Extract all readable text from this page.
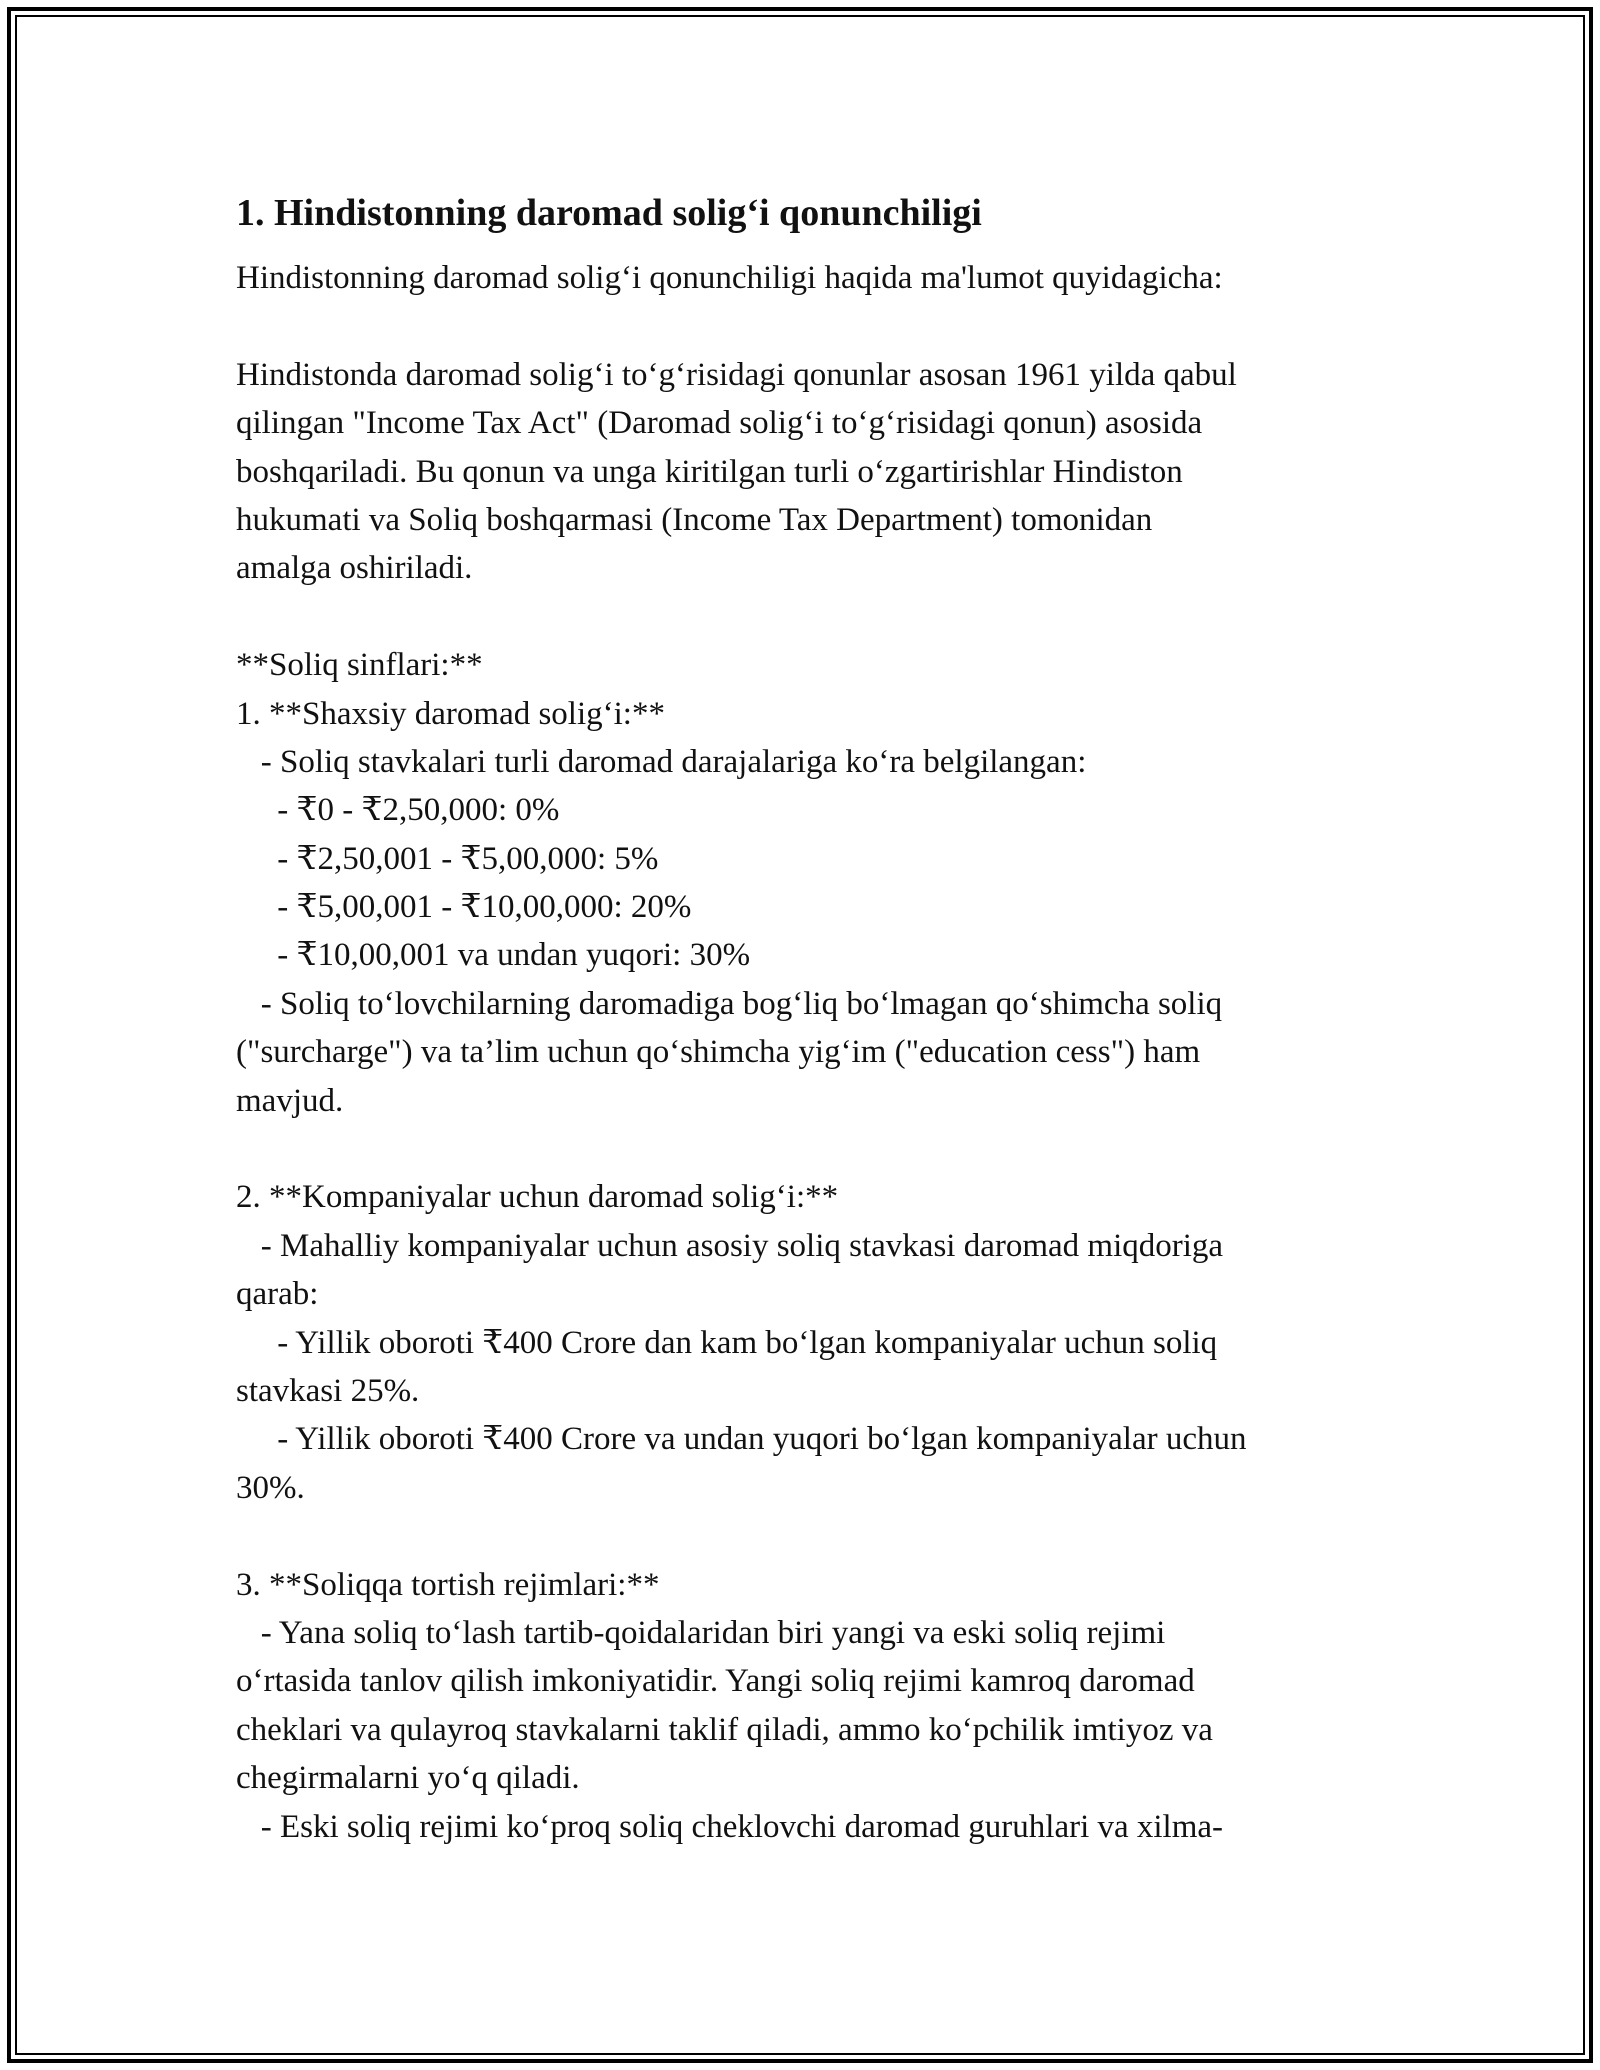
1. Hindistonning daromad solig‘i qonunchiligi
Hindistonning daromad solig‘i qonunchiligi haqida ma'lumot quyidagicha:
Hindistonda daromad solig‘i to‘g‘risidagi qonunlar asosan 1961 yilda qabul
qilingan "Income Tax Act" (Daromad solig‘i to‘g‘risidagi qonun) asosida
boshqariladi. Bu qonun va unga kiritilgan turli o‘zgartirishlar Hindiston
hukumati va Soliq boshqarmasi (Income Tax Department) tomonidan
amalga oshiriladi.
**Soliq sinflari:**
1. **Shaxsiy daromad solig‘i:**
- Soliq stavkalari turli daromad darajalariga ko‘ra belgilangan:
- ₹0 - ₹2,50,000: 0%
- ₹2,50,001 - ₹5,00,000: 5%
- ₹5,00,001 - ₹10,00,000: 20%
- ₹10,00,001 va undan yuqori: 30%
- Soliq to‘lovchilarning daromadiga bog‘liq bo‘lmagan qo‘shimcha soliq
("surcharge") va ta’lim uchun qo‘shimcha yig‘im ("education cess") ham
mavjud.
2. **Kompaniyalar uchun daromad solig‘i:**
- Mahalliy kompaniyalar uchun asosiy soliq stavkasi daromad miqdoriga
qarab:
- Yillik oboroti ₹400 Crore dan kam bo‘lgan kompaniyalar uchun soliq
stavkasi 25%.
- Yillik oboroti ₹400 Crore va undan yuqori bo‘lgan kompaniyalar uchun
30%.
3. **Soliqqa tortish rejimlari:**
- Yana soliq to‘lash tartib-qoidalaridan biri yangi va eski soliq rejimi
o‘rtasida tanlov qilish imkoniyatidir. Yangi soliq rejimi kamroq daromad
cheklari va qulayroq stavkalarni taklif qiladi, ammo ko‘pchilik imtiyoz va
chegirmalarni yo‘q qiladi.
- Eski soliq rejimi ko‘proq soliq cheklovchi daromad guruhlari va xilma-
